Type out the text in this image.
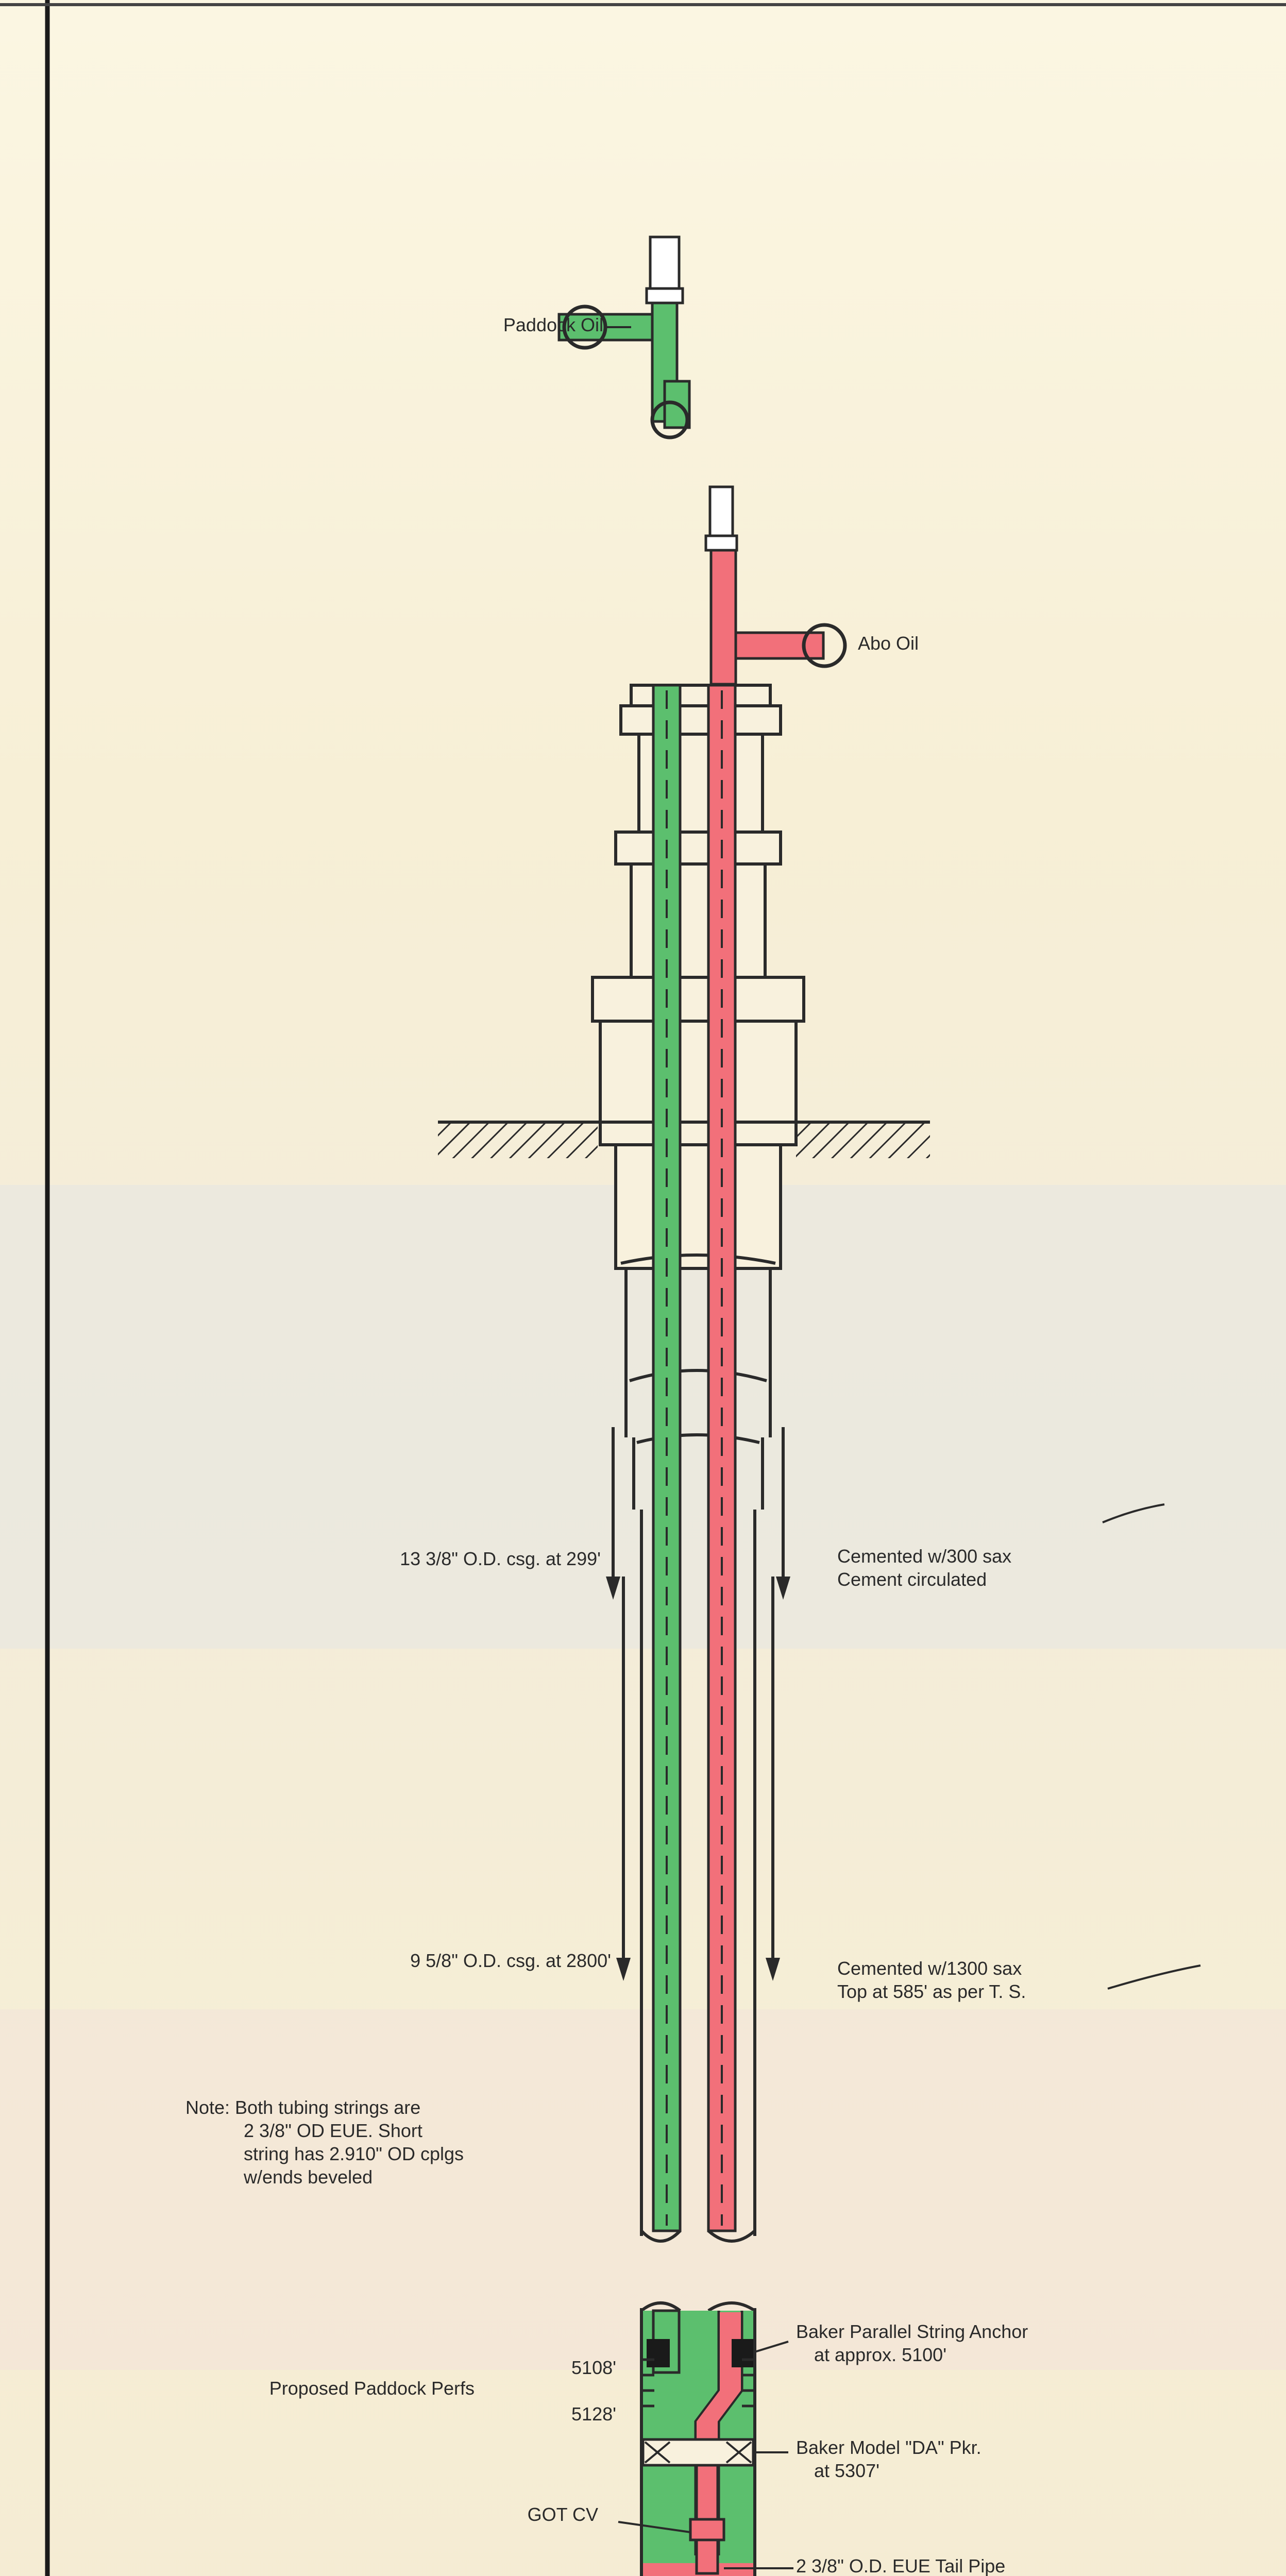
Paddock Oil
Abo Oil
13 3/8" O.D. csg. at 299'	Cemented w/300 sax
Cement circulated
9 5/8" O.D. csg. at 2800'	Cemented w/1300 sax
Top at 585' as per T. S.
Note: Both tubing strings are
2 3/8" OD EUE. Short
string has 2.910" OD cplgs
w/ends beveled
Baker Parallel String Anchor
at approx. 5100'
5108'
Proposed Paddock Perfs
5128'
Baker Model "DA" Pkr.
at 5307'
GOT CV
2 3/8" O.D. EUE Tail Pipe
